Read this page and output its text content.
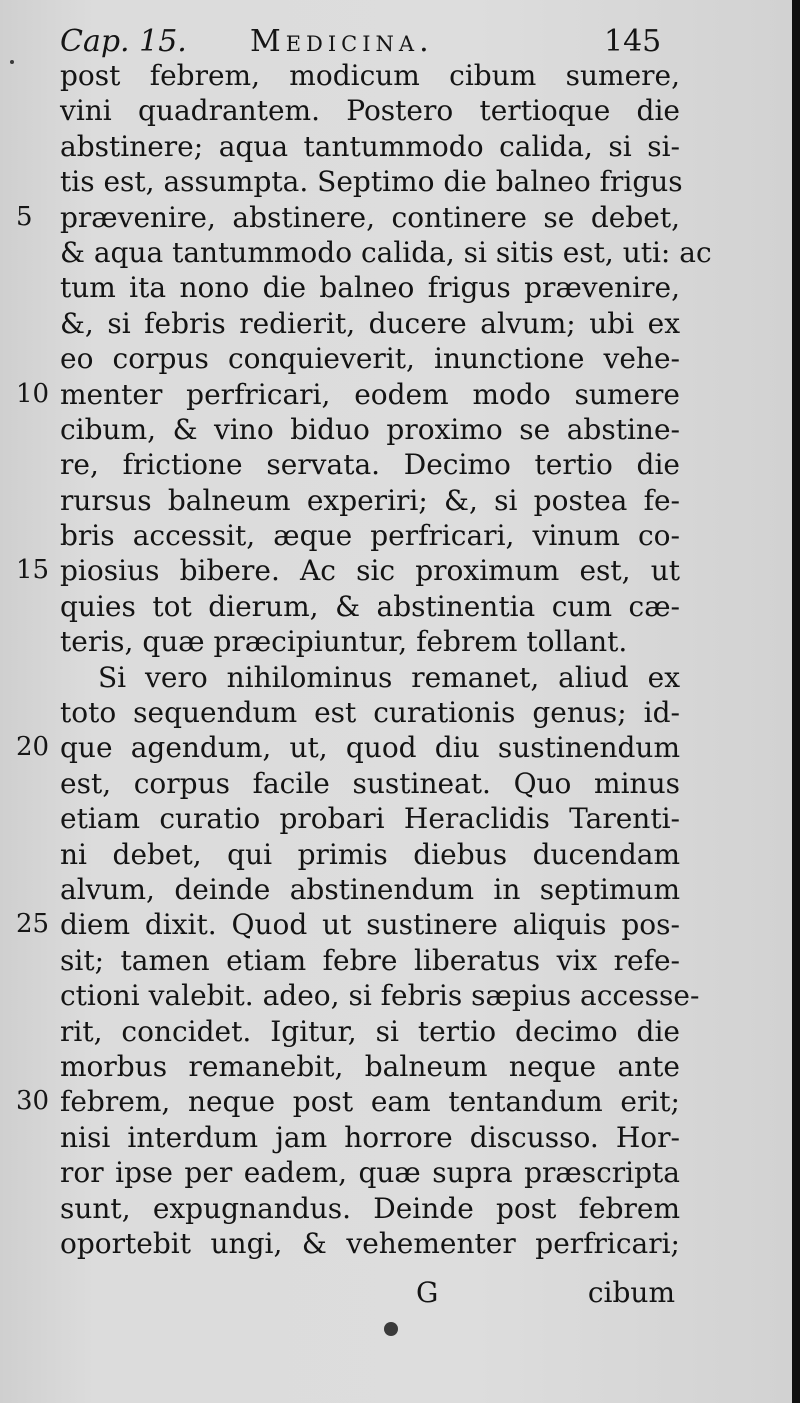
Cap. 15. Medicina.	145
post febrem, modicum cibum sumere,
vini quadrantem. Postero tertioque die
abstinere; aqua tantummodo calida, si si-
tis est, assumpta. Septimo die balneo frigus
5 prævenire, abstinere, continere se debet,
& aqua tantummodo calida, si sitis est, uti: ac
tum ita nono die balneo frigus prævenire,
&, si febris redierit, ducere alvum; ubi ex
eo corpus conquieverit, inunctione vehe-
10 menter perfricari, eodem modo sumere
cibum, & vino biduo proximo se abstine-
re, frictione servata. Decimo tertio die
rursus balneum experiri; &, si postea fe-
bris accessit, æque perfricari, vinum co-
15 piosius bibere. Ac sic proximum est, ut
quies tot dierum, & abstinentia cum cæ-
teris, quæ præcipiuntur, febrem tollant.
Si vero nihilominus remanet, aliud ex
toto sequendum est curationis genus; id-
20 que agendum, ut, quod diu sustinendum
est, corpus facile sustineat. Quo minus
etiam curatio probari Heraclidis Tarenti-
ni debet, qui primis diebus ducendam
alvum, deinde abstinendum in septimum
25 diem dixit. Quod ut sustinere aliquis pos-
sit; tamen etiam febre liberatus vix refe-
ctioni valebit. adeo, si febris sæpius accesse-
rit, concidet. Igitur, si tertio decimo die
morbus remanebit, balneum neque ante
30 febrem, neque post eam tentandum erit;
nisi interdum jam horrore discusso. Hor-
ror ipse per eadem, quæ supra præscripta
sunt, expugnandus. Deinde post febrem
oportebit ungi, & vehementer perfricari;
G	cibum
